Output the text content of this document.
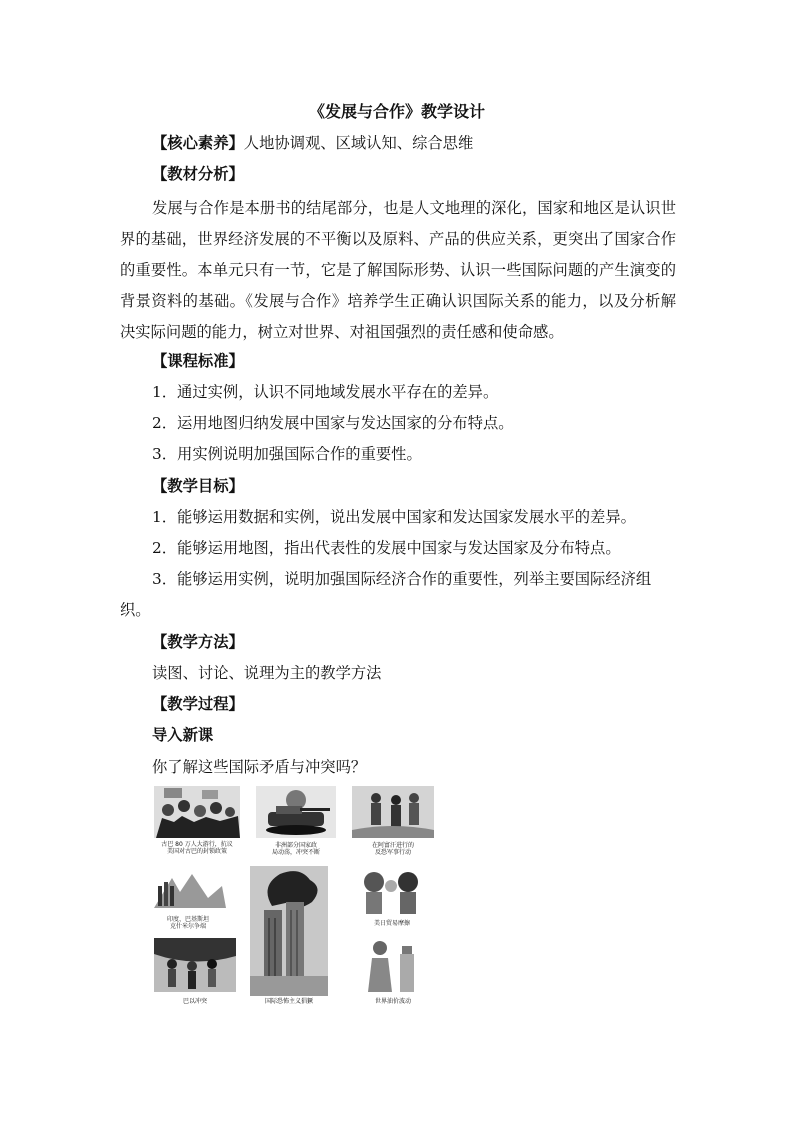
《发展与合作》教学设计
【核心素养】人地协调观、区域认知、综合思维
【教材分析】
发展与合作是本册书的结尾部分，也是人文地理的深化，国家和地区是认识世界的基础，世界经济发展的不平衡以及原料、产品的供应关系，更突出了国家合作的重要性。本单元只有一节，它是了解国际形势、认识一些国际问题的产生演变的背景资料的基础。《发展与合作》培养学生正确认识国际关系的能力，以及分析解决实际问题的能力，树立对世界、对祖国强烈的责任感和使命感。
【课程标准】
1．通过实例，认识不同地域发展水平存在的差异。
2．运用地图归纳发展中国家与发达国家的分布特点。
3．用实例说明加强国际合作的重要性。
【教学目标】
1．能够运用数据和实例，说出发展中国家和发达国家发展水平的差异。
2．能够运用地图，指出代表性的发展中国家与发达国家及分布特点。
3．能够运用实例，说明加强国际经济合作的重要性，列举主要国际经济组
织。
【教学方法】
读图、讨论、说理为主的教学方法
【教学过程】
导入新课
你了解这些国际矛盾与冲突吗？
古巴 80 万人大游行，抗议
美国对古巴的封锁政策
非洲部分国家政
局动荡，冲突不断
在阿富汗进行的
反恐军事行动
印度、巴基斯坦
克什米尔争端
国际恐怖主义猖獗
美日贸易摩擦
巴以冲突	世界油价波动
